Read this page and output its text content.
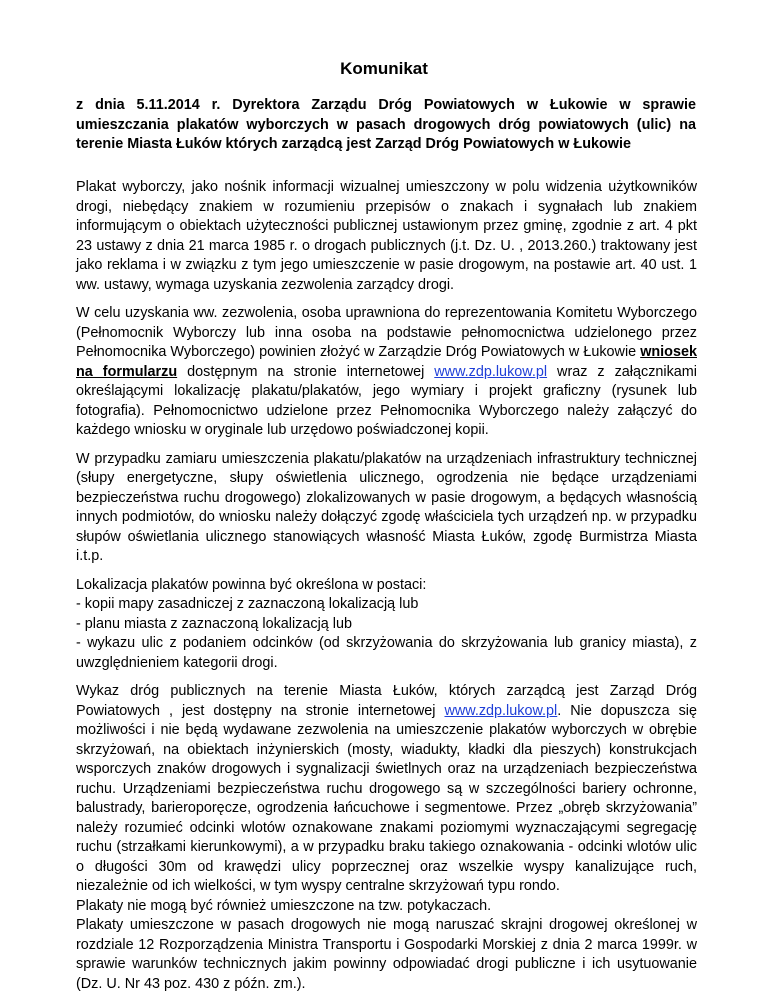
Komunikat
z dnia 5.11.2014 r. Dyrektora Zarządu Dróg Powiatowych w Łukowie w sprawie umieszczania plakatów wyborczych w pasach drogowych dróg powiatowych (ulic) na terenie Miasta Łuków których zarządcą jest Zarząd Dróg Powiatowych w Łukowie

Plakat wyborczy, jako nośnik informacji wizualnej umieszczony w polu widzenia użytkowników drogi, niebędący znakiem w rozumieniu przepisów o znakach i sygnałach lub znakiem informującym o obiektach użyteczności publicznej ustawionym przez gminę, zgodnie z art. 4 pkt 23 ustawy z dnia 21 marca 1985 r. o drogach publicznych (j.t. Dz. U. , 2013.260.) traktowany jest jako reklama i w związku z tym jego umieszczenie w pasie drogowym, na postawie art. 40 ust. 1 ww. ustawy, wymaga uzyskania zezwolenia zarządcy drogi.

W celu uzyskania ww. zezwolenia, osoba uprawniona do reprezentowania Komitetu Wyborczego (Pełnomocnik Wyborczy lub inna osoba na podstawie pełnomocnictwa udzielonego przez Pełnomocnika Wyborczego) powinien złożyć w Zarządzie Dróg Powiatowych w Łukowie wniosek na formularzu dostępnym na stronie internetowej www.zdp.lukow.pl wraz z załącznikami określającymi lokalizację plakatu/plakatów, jego wymiary i projekt graficzny (rysunek lub fotografia). Pełnomocnictwo udzielone przez Pełnomocnika Wyborczego należy załączyć do każdego wniosku w oryginale lub urzędowo poświadczonej kopii.

W przypadku zamiaru umieszczenia plakatu/plakatów na urządzeniach infrastruktury technicznej (słupy energetyczne, słupy oświetlenia ulicznego, ogrodzenia nie będące urządzeniami bezpieczeństwa ruchu drogowego) zlokalizowanych w pasie drogowym, a będących własnością innych podmiotów, do wniosku należy dołączyć zgodę właściciela tych urządzeń np. w przypadku słupów oświetlania ulicznego stanowiących własność Miasta Łuków, zgodę Burmistrza Miasta i.t.p.

Lokalizacja plakatów powinna być określona w postaci:

- kopii mapy zasadniczej z zaznaczoną lokalizacją lub

- planu miasta z zaznaczoną lokalizacją lub

- wykazu ulic z podaniem odcinków (od skrzyżowania do skrzyżowania lub granicy miasta), z uwzględnieniem kategorii drogi.

Wykaz dróg publicznych na terenie Miasta Łuków, których zarządcą jest Zarząd Dróg Powiatowych , jest dostępny na stronie internetowej www.zdp.lukow.pl. Nie dopuszcza się możliwości i nie będą wydawane zezwolenia na umieszczenie plakatów wyborczych w obrębie skrzyżowań, na obiektach inżynierskich (mosty, wiadukty, kładki dla pieszych) konstrukcjach wsporczych znaków drogowych i sygnalizacji świetlnych oraz na urządzeniach bezpieczeństwa ruchu. Urządzeniami bezpieczeństwa ruchu drogowego są w szczególności bariery ochronne, balustrady, barieroporęcze, ogrodzenia łańcuchowe i segmentowe. Przez „obręb skrzyżowania” należy rozumieć odcinki wlotów oznakowane znakami poziomymi wyznaczającymi segregację ruchu (strzałkami kierunkowymi), a w przypadku braku takiego oznakowania - odcinki wlotów ulic o długości 30m od krawędzi ulicy poprzecznej oraz wszelkie wyspy kanalizujące ruch, niezależnie od ich wielkości, w tym wyspy centralne skrzyżowań typu rondo.

Plakaty nie mogą być również umieszczone na tzw. potykaczach.

Plakaty umieszczone w pasach drogowych nie mogą naruszać skrajni drogowej określonej w rozdziale 12 Rozporządzenia Ministra Transportu i Gospodarki Morskiej z dnia 2 marca 1999r. w sprawie warunków technicznych jakim powinny odpowiadać drogi publiczne i ich usytuowanie (Dz. U. Nr 43 poz. 430 z późn. zm.).
